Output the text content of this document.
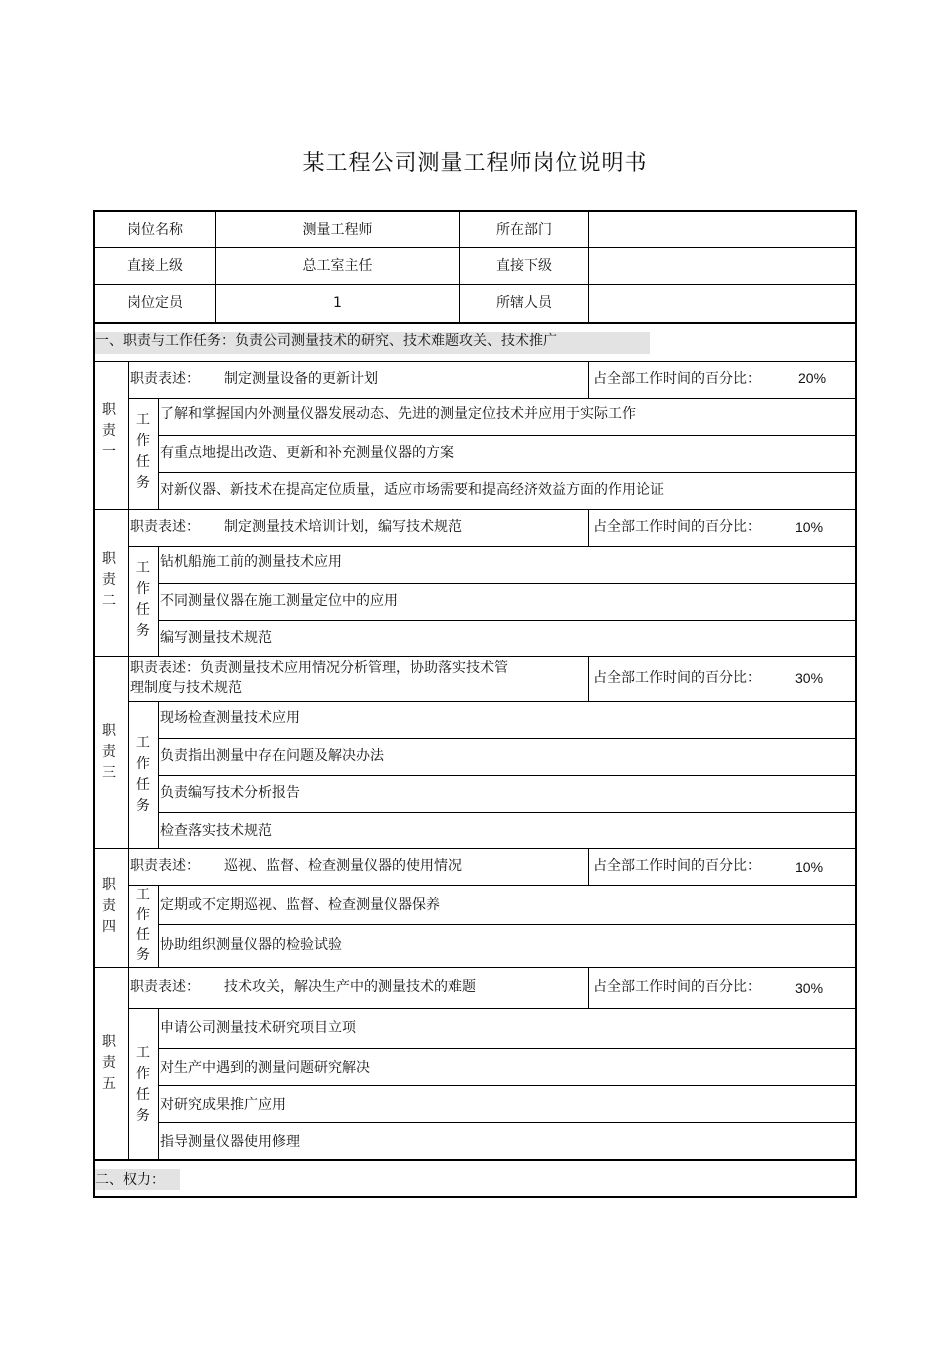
某工程公司测量工程师岗位说明书
岗位名称	测量工程师	所在部门
直接上级	总工室主任	直接下级
岗位定员	1	所辖人员
一、职责与工作任务：负责公司测量技术的研究、技术难题攻关、技术推广
职
责
一
职责表述： 制定测量设备的更新计划	占全部工作时间的百分比：	20%
工
作
任
务
了解和掌握国内外测量仪器发展动态、先进的测量定位技术并应用于实际工作
有重点地提出改造、更新和补充测量仪器的方案
对新仪器、新技术在提高定位质量，适应市场需要和提高经济效益方面的作用论证
职
责
二
职责表述： 制定测量技术培训计划，编写技术规范	占全部工作时间的百分比：	10%
工
作
任
务
钻机船施工前的测量技术应用
不同测量仪器在施工测量定位中的应用
编写测量技术规范
职
责
三
职责表述：负责测量技术应用情况分析管理，协助落实技术管
理制度与技术规范
占全部工作时间的百分比：	30%
工
作
任
务
现场检查测量技术应用
负责指出测量中存在问题及解决办法
负责编写技术分析报告
检查落实技术规范
职
责
四
职责表述： 巡视、监督、检查测量仪器的使用情况	占全部工作时间的百分比：	10%
工
作
任
务
定期或不定期巡视、监督、检查测量仪器保养
协助组织测量仪器的检验试验
职
责
五
职责表述： 技术攻关，解决生产中的测量技术的难题	占全部工作时间的百分比：	30%
工
作
任
务
申请公司测量技术研究项目立项
对生产中遇到的测量问题研究解决
对研究成果推广应用
指导测量仪器使用修理
二、权力：
